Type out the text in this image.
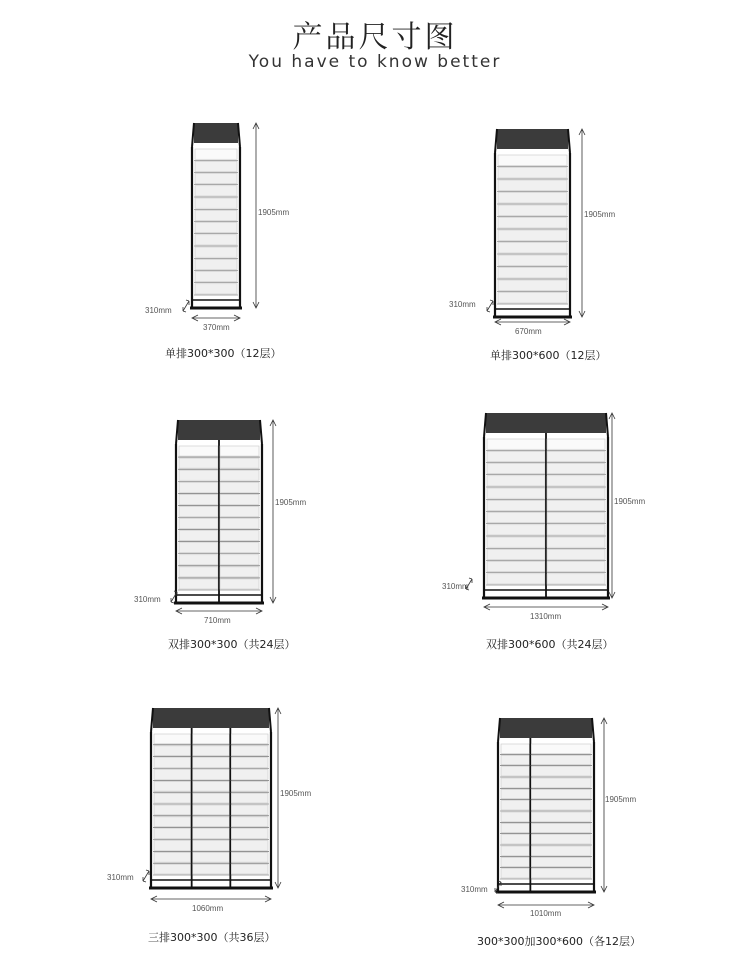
产品尺寸图
You have to know better
1905mm
310mm
370mm
单排300*300（12层）
1905mm
310mm
670mm
单排300*600（12层）
1905mm
310mm
710mm
双排300*300（共24层）
1905mm
310mm
1310mm
双排300*600（共24层）
1905mm
310mm
1060mm
三排300*300（共36层）
1905mm
310mm
1010mm
300*300加300*600（各12层）
